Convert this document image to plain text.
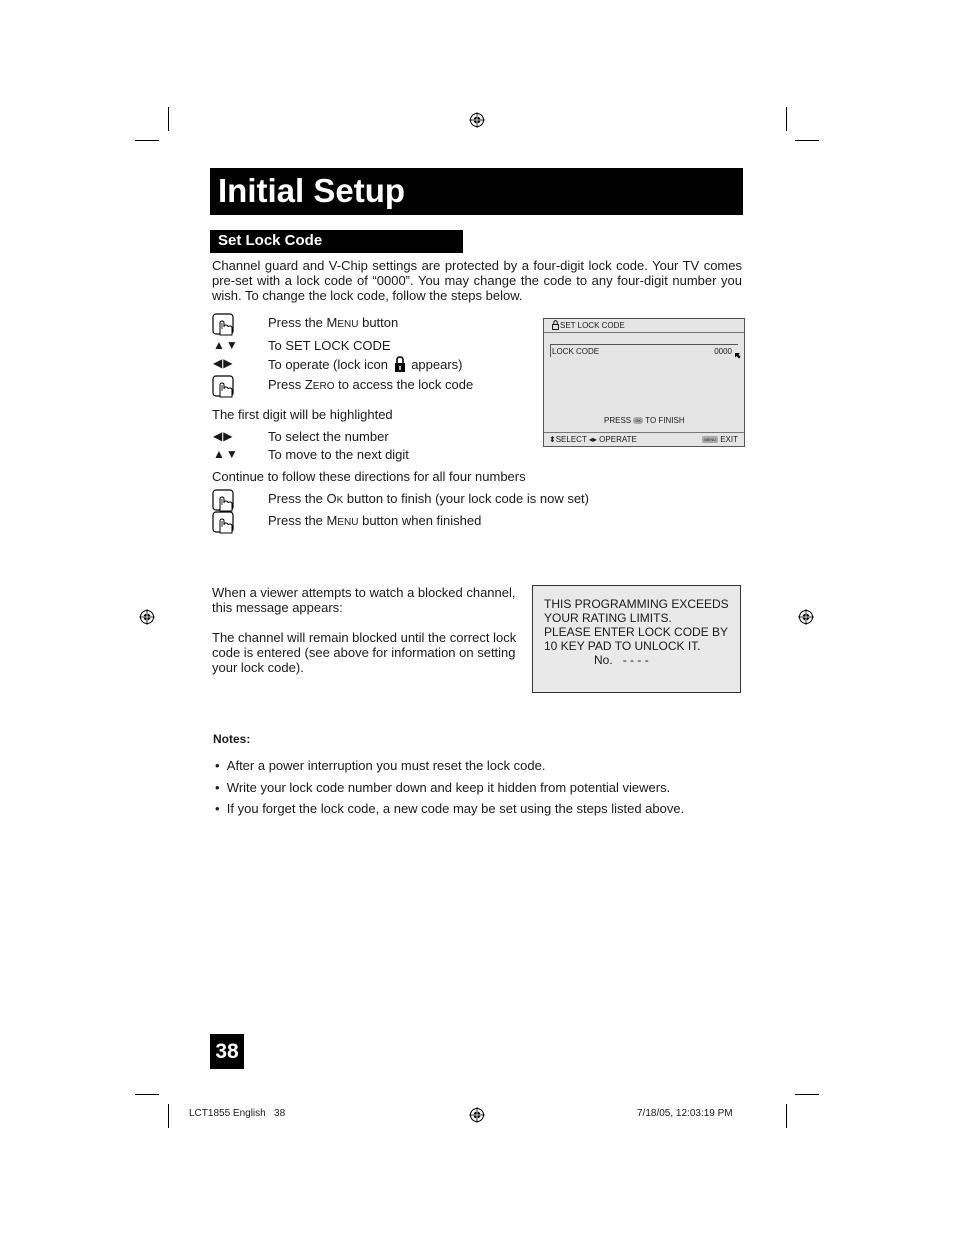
Initial Setup
Set Lock Code
Channel guard and V-Chip settings are protected by a four-digit lock code. Your TV comes pre-set with a lock code of “0000”. You may change the code to any four-digit number you wish. To change the lock code, follow the steps below.
Press the MENU button
▲▼ To SET LOCK CODE
◀▶	To operate (lock icon appears)
Press ZERO to access the lock code
The first digit will be highlighted
◀▶	To select the number
▲▼ To move to the next digit
Continue to follow these directions for all four numbers
Press the OK button to finish (your lock code is now set)
Press the MENU button when finished
SET LOCK CODE
LOCK CODE	0000
PRESS OK TO FINISH
⬍SELECT ◂▸ OPERATE	MENU EXIT
When a viewer attempts to watch a blocked channel,
this message appears:
The channel will remain blocked until the correct lock
code is entered (see above for information on setting
your lock code).
THIS PROGRAMMING EXCEEDS
YOUR RATING LIMITS.
PLEASE ENTER LOCK CODE BY
10 KEY PAD TO UNLOCK IT.
No. - - - -
Notes:
•  After a power interruption you must reset the lock code.
•  Write your lock code number down and keep it hidden from potential viewers.
•  If you forget the lock code, a new code may be set using the steps listed above.
38
LCT1855 English   38	7/18/05, 12:03:19 PM
